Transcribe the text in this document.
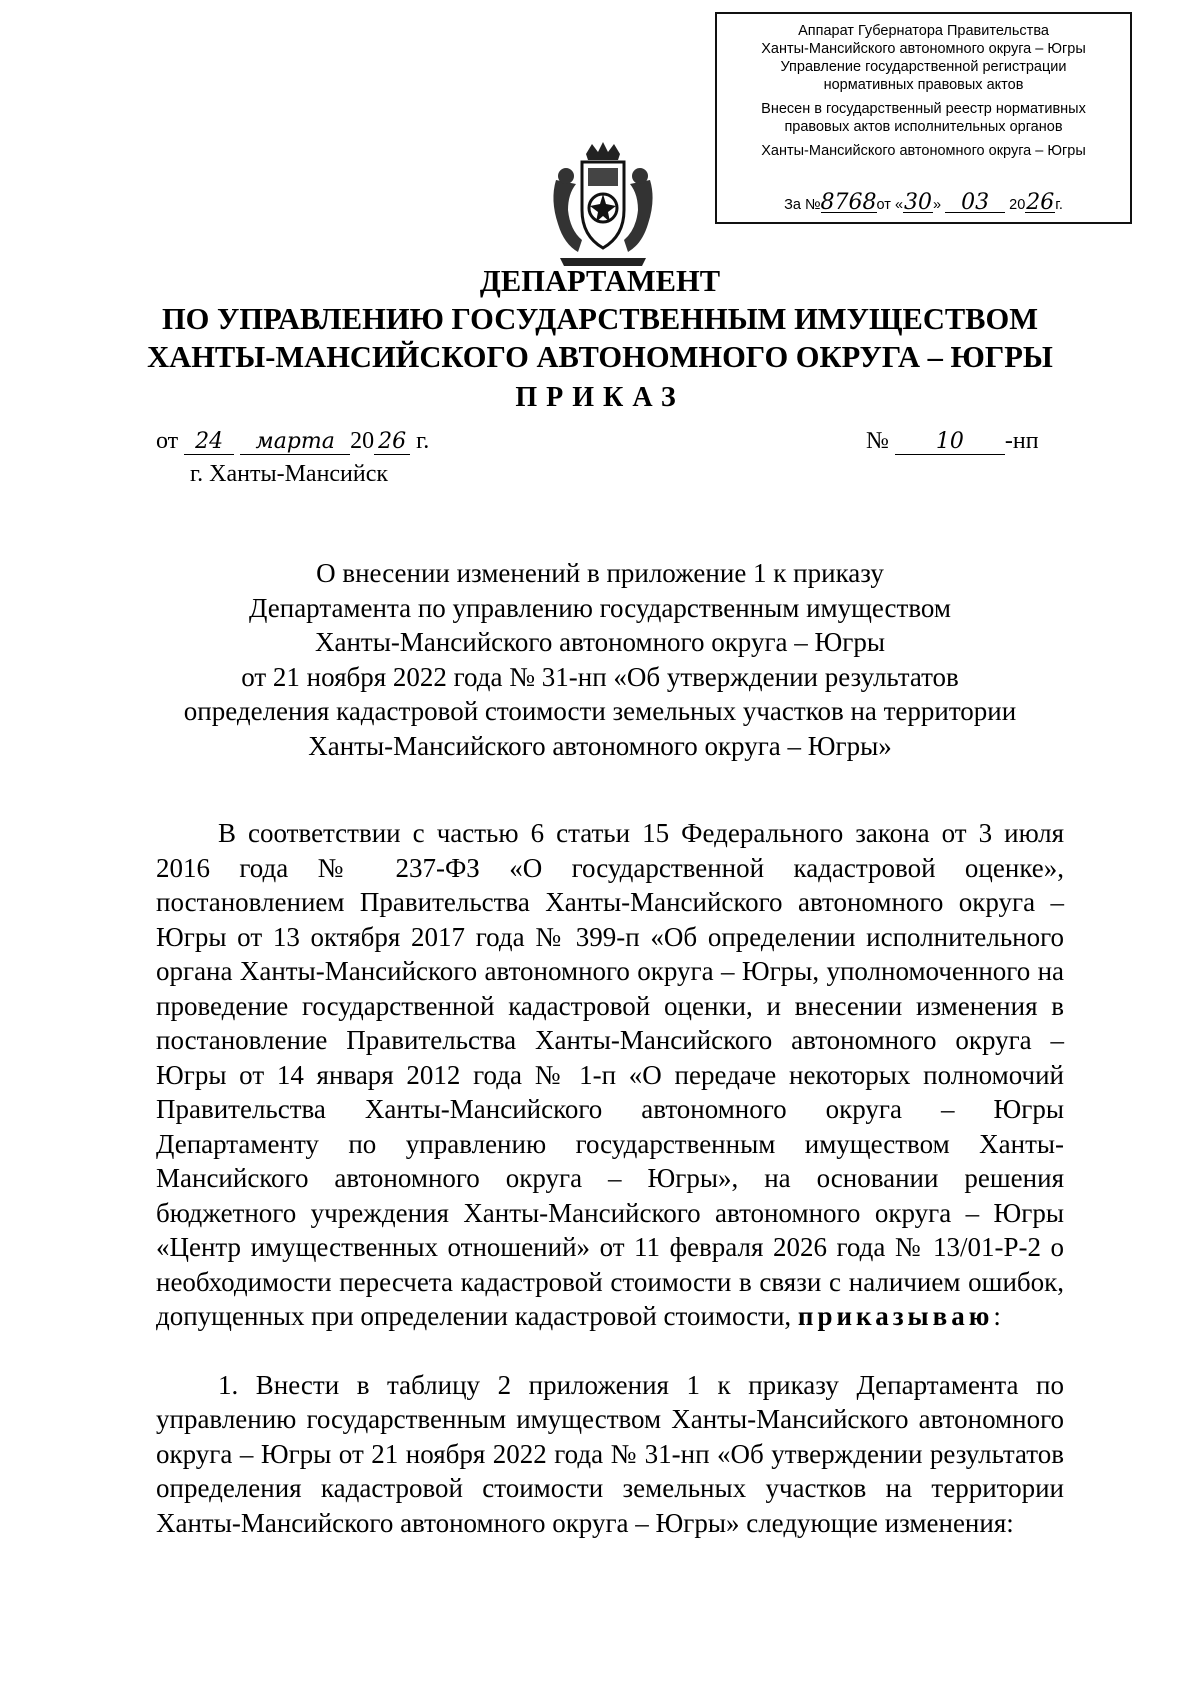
Аппарат Губернатора Правительства
Ханты-Мансийского автономного округа – Югры
Управление государственной регистрации
нормативных правовых актов
Внесен в государственный реестр нормативных
правовых актов исполнительных органов
Ханты-Мансийского автономного округа – Югры
За №8768от «30» 03 2026г.
ДЕПАРТАМЕНТ
ПО УПРАВЛЕНИЮ ГОСУДАРСТВЕННЫМ ИМУЩЕСТВОМ
ХАНТЫ-МАНСИЙСКОГО АВТОНОМНОГО ОКРУГА – ЮГРЫ
ПРИКАЗ
от 24 марта 20 26 г.
г. Ханты-Мансийск
№ 10 -нп
О внесении изменений в приложение 1 к приказу
Департамента по управлению государственным имуществом
Ханты-Мансийского автономного округа – Югры
от 21 ноября 2022 года № 31-нп «Об утверждении результатов
определения кадастровой стоимости земельных участков на территории
Ханты-Мансийского автономного округа – Югры»

В соответствии с частью 6 статьи 15 Федерального закона от 3 июля 2016 года № 237-ФЗ «О государственной кадастровой оценке», постановлением Правительства Ханты-Мансийского автономного округа – Югры от 13 октября 2017 года № 399-п «Об определении исполнительного органа Ханты-Мансийского автономного округа – Югры, уполномоченного на проведение государственной кадастровой оценки, и внесении изменения в постановление Правительства Ханты-Мансийского автономного округа – Югры от 14 января 2012 года № 1-п «О передаче некоторых полномочий Правительства Ханты-Мансийского автономного округа – Югры Департаменту по управлению государственным имуществом Ханты-Мансийского автономного округа – Югры», на основании решения бюджетного учреждения Ханты-Мансийского автономного округа – Югры «Центр имущественных отношений» от 11 февраля 2026 года № 13/01-Р-2 о необходимости пересчета кадастровой стоимости в связи с наличием ошибок, допущенных при определении кадастровой стоимости, приказываю:

1. Внести в таблицу 2 приложения 1 к приказу Департамента по управлению государственным имуществом Ханты-Мансийского автономного округа – Югры от 21 ноября 2022 года № 31-нп «Об утверждении результатов определения кадастровой стоимости земельных участков на территории Ханты-Мансийского автономного округа – Югры» следующие изменения:
